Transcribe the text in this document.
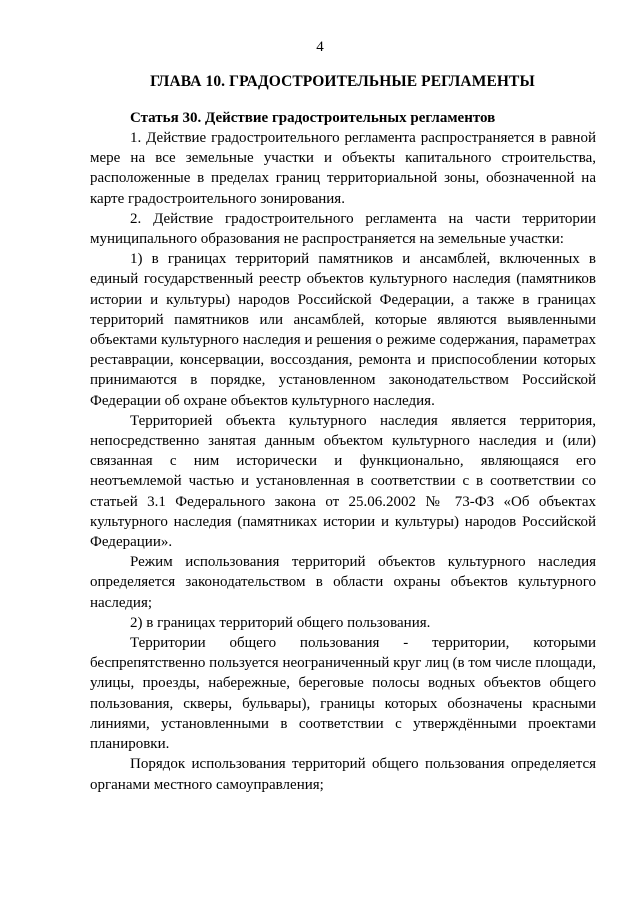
4
ГЛАВА 10. ГРАДОСТРОИТЕЛЬНЫЕ РЕГЛАМЕНТЫ
Статья 30. Действие градостроительных регламентов

1. Действие градостроительного регламента распространяется в равной мере на все земельные участки и объекты капитального строительства, расположенные в пределах границ территориальной зоны, обозначенной на карте градостроительного зонирования.

2. Действие градостроительного регламента на части территории муниципального образования не распространяется на земельные участки:

1) в границах территорий памятников и ансамблей, включенных в единый государственный реестр объектов культурного наследия (памятников истории и культуры) народов Российской Федерации, а также в границах территорий памятников или ансамблей, которые являются выявленными объектами культурного наследия и решения о режиме содержания, параметрах реставрации, консервации, воссоздания, ремонта и приспособлении которых принимаются в порядке, установленном законодательством Российской Федерации об охране объектов культурного наследия.

Территорией объекта культурного наследия является территория, непосредственно занятая данным объектом культурного наследия и (или) связанная с ним исторически и функционально, являющаяся его неотъемлемой частью и установленная в соответствии с в соответствии со статьей 3.1 Федерального закона от 25.06.2002 № 73-ФЗ «Об объектах культурного наследия (памятниках истории и культуры) народов Российской Федерации».

Режим использования территорий объектов культурного наследия определяется законодательством в области охраны объектов культурного наследия;

2) в границах территорий общего пользования.

Территории общего пользования - территории, которыми беспрепятственно пользуется неограниченный круг лиц (в том числе площади, улицы, проезды, набережные, береговые полосы водных объектов общего пользования, скверы, бульвары), границы которых обозначены красными линиями, установленными в соответствии с утверждёнными проектами планировки.

Порядок использования территорий общего пользования определяется органами местного самоуправления;
